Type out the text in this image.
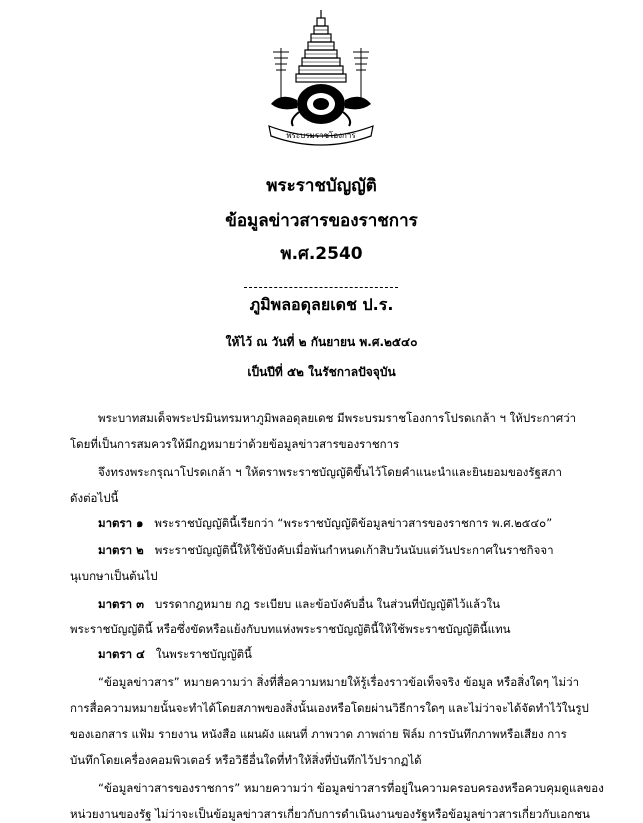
พระบรมราชโองการ
พระราชบัญญัติ
ข้อมูลข่าวสารของราชการ
พ.ศ.2540
ภูมิพลอดุลยเดช ป.ร.
ให้ไว้ ณ วันที่ ๒ กันยายน พ.ศ.๒๕๔๐
เป็นปีที่ ๕๒ ในรัชกาลปัจจุบัน
พระบาทสมเด็จพระปรมินทรมหาภูมิพลอดุลยเดช มีพระบรมราชโองการโปรดเกล้า ฯ ให้ประกาศว่า
โดยที่เป็นการสมควรให้มีกฎหมายว่าด้วยข้อมูลข่าวสารของราชการ
จึงทรงพระกรุณาโปรดเกล้า ฯ ให้ตราพระราชบัญญัติขึ้นไว้โดยคำแนะนำและยินยอมของรัฐสภา
ดังต่อไปนี้
มาตรา ๑ พระราชบัญญัตินี้เรียกว่า “พระราชบัญญัติข้อมูลข่าวสารของราชการ พ.ศ.๒๕๔๐”
มาตรา ๒ พระราชบัญญัตินี้ให้ใช้บังคับเมื่อพ้นกำหนดเก้าสิบวันนับแต่วันประกาศในราชกิจจา
นุเบกษาเป็นต้นไป
มาตรา ๓ บรรดากฎหมาย กฎ ระเบียบ และข้อบังคับอื่น ในส่วนที่บัญญัติไว้แล้วใน
พระราชบัญญัตินี้ หรือซึ่งขัดหรือแย้งกับบทแห่งพระราชบัญญัตินี้ให้ใช้พระราชบัญญัตินี้แทน
มาตรา ๔ ในพระราชบัญญัตินี้
“ข้อมูลข่าวสาร” หมายความว่า สิ่งที่สื่อความหมายให้รู้เรื่องราวข้อเท็จจริง ข้อมูล หรือสิ่งใดๆ ไม่ว่า
การสื่อความหมายนั้นจะทำได้โดยสภาพของสิ่งนั้นเองหรือโดยผ่านวิธีการใดๆ และไม่ว่าจะได้จัดทำไว้ในรูป
ของเอกสาร แฟ้ม รายงาน หนังสือ แผนผัง แผนที่ ภาพวาด ภาพถ่าย ฟิล์ม การบันทึกภาพหรือเสียง การ
บันทึกโดยเครื่องคอมพิวเตอร์ หรือวิธีอื่นใดที่ทำให้สิ่งที่บันทึกไว้ปรากฏได้
“ข้อมูลข่าวสารของราชการ” หมายความว่า ข้อมูลข่าวสารที่อยู่ในความครอบครองหรือควบคุมดูแลของ
หน่วยงานของรัฐ ไม่ว่าจะเป็นข้อมูลข่าวสารเกี่ยวกับการดำเนินงานของรัฐหรือข้อมูลข่าวสารเกี่ยวกับเอกชน
